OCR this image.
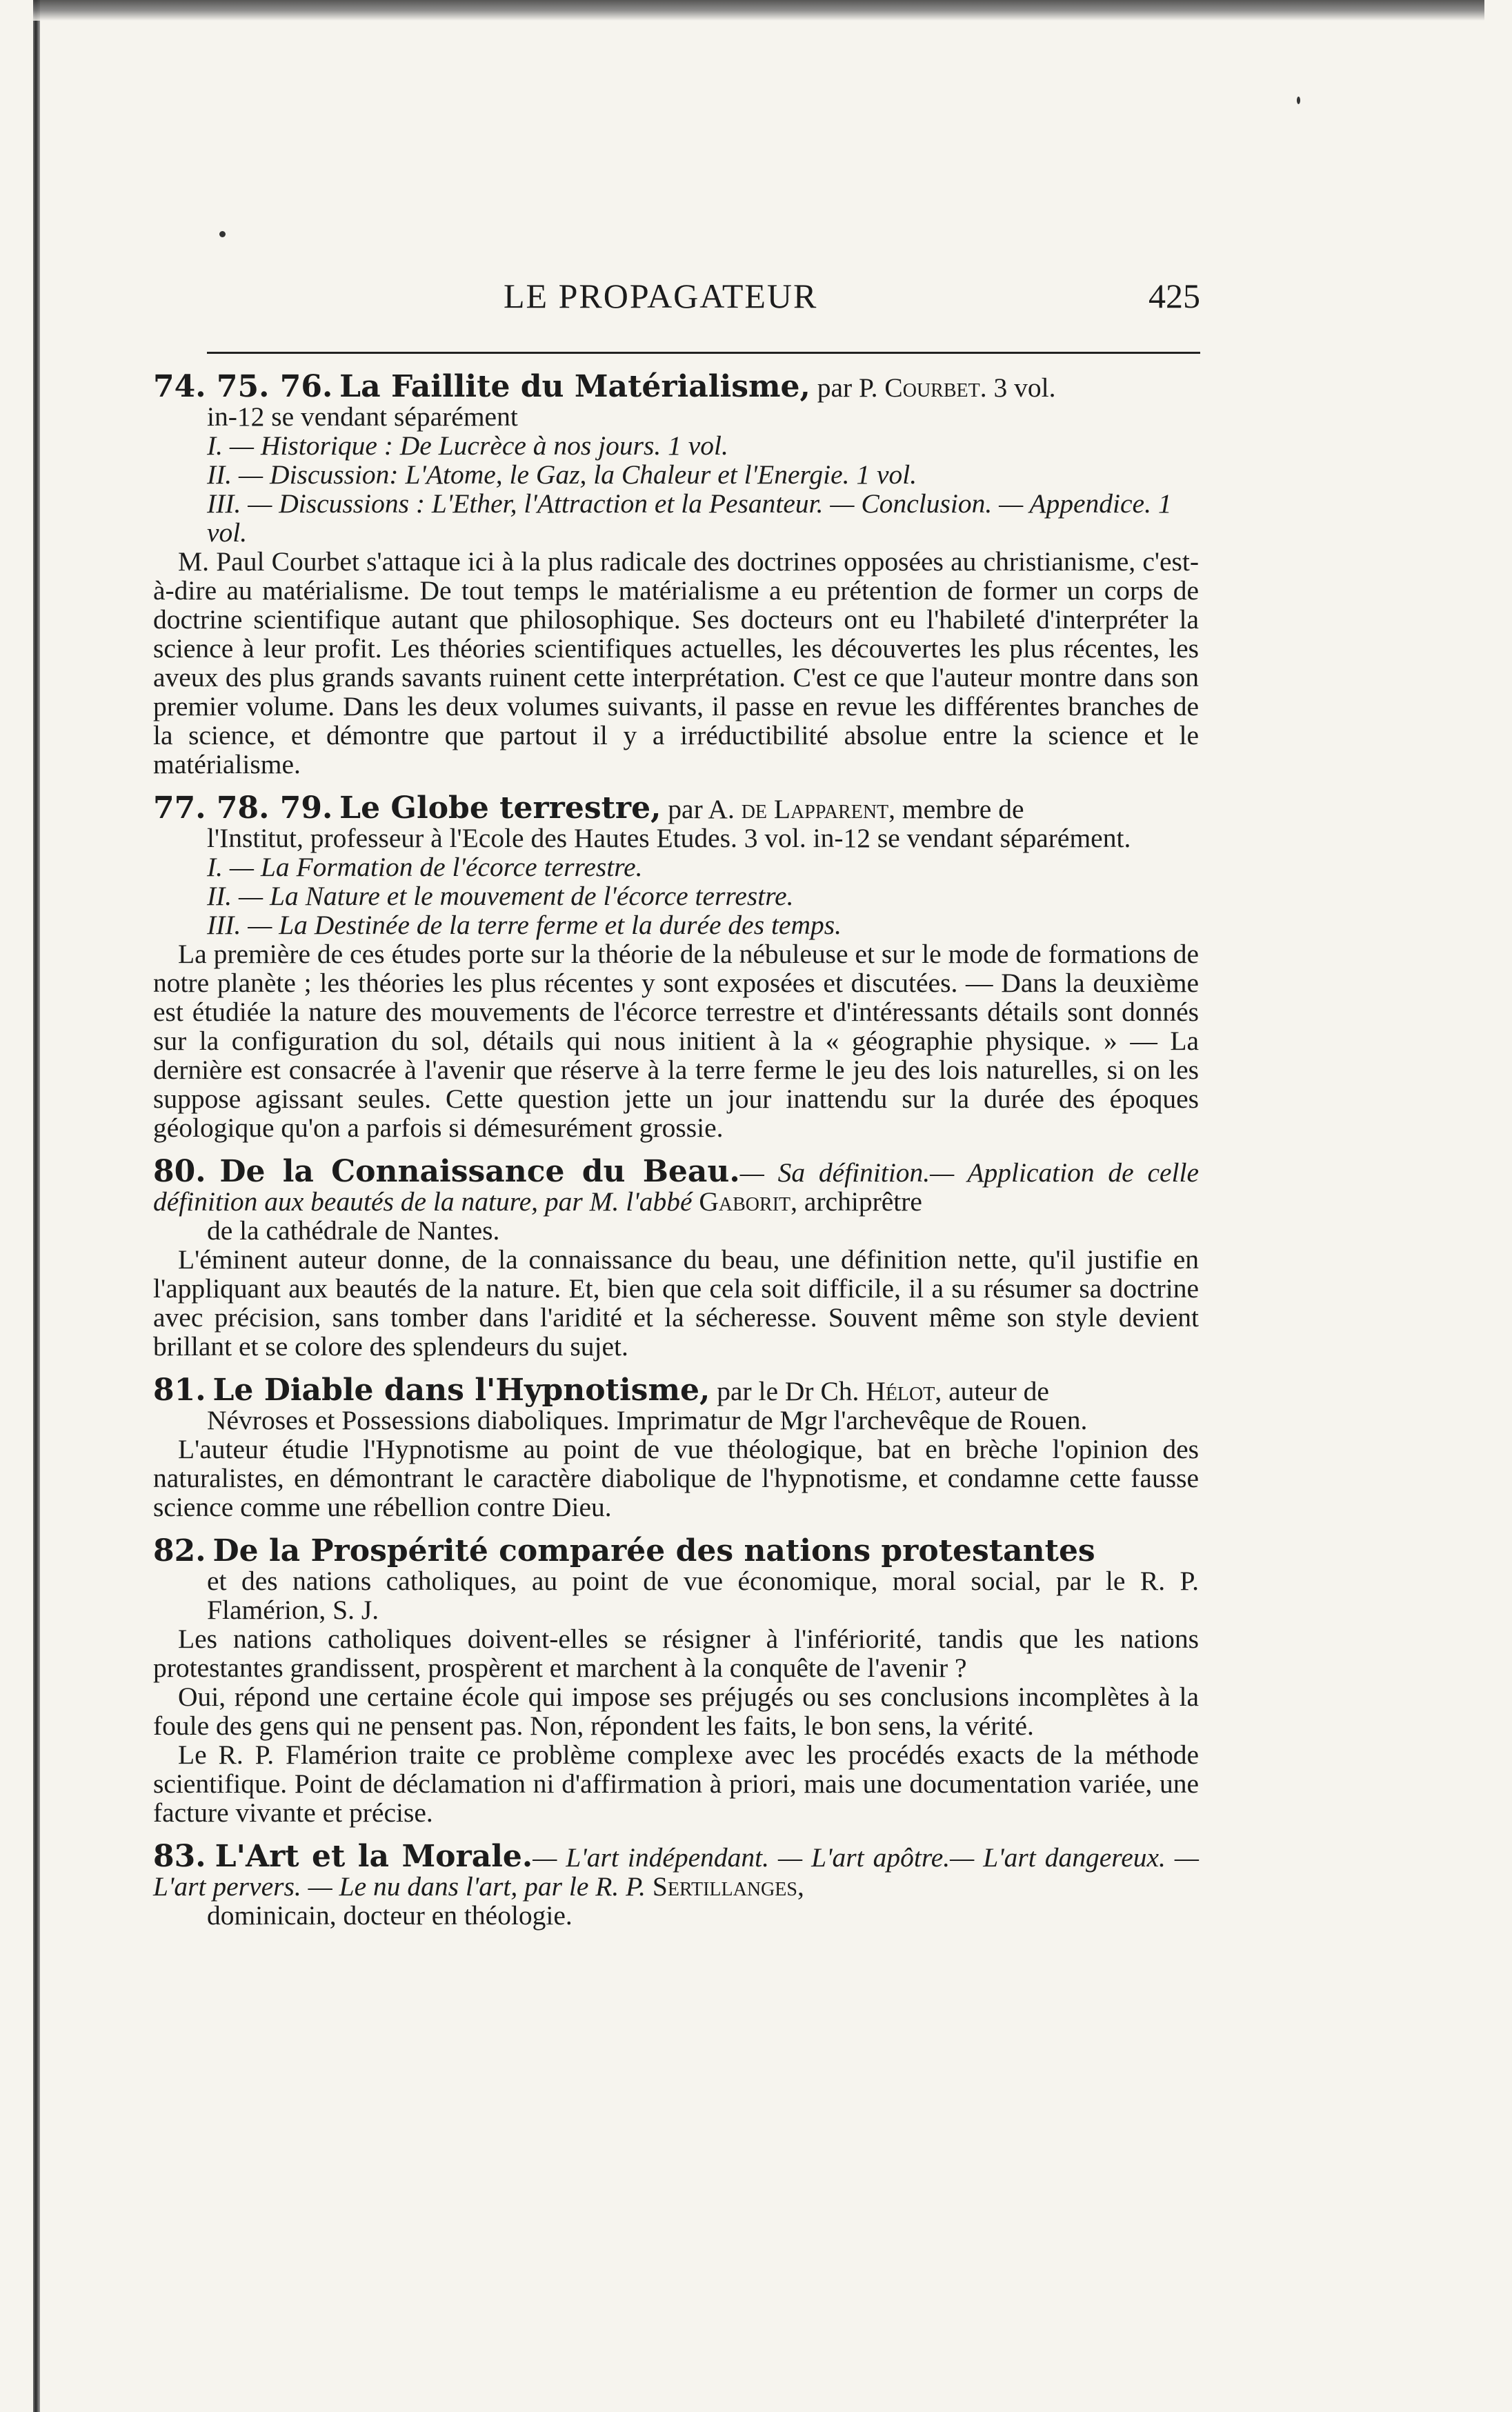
LE PROPAGATEUR	425

74. 75. 76. La Faillite du Matérialisme, par P. Courbet. 3 vol.

in-12 se vendant séparément

I. — Historique : De Lucrèce à nos jours. 1 vol.

II. — Discussion: L'Atome, le Gaz, la Chaleur et l'Energie. 1 vol.

III. — Discussions : L'Ether, l'Attraction et la Pesanteur. — Conclusion. — Appendice. 1 vol.

M. Paul Courbet s'attaque ici à la plus radicale des doctrines opposées au christianisme, c'est-à-dire au matérialisme. De tout temps le matérialisme a eu prétention de former un corps de doctrine scientifique autant que philosophique. Ses docteurs ont eu l'habileté d'interpréter la science à leur profit. Les théories scientifiques actuelles, les découvertes les plus récentes, les aveux des plus grands savants ruinent cette interprétation. C'est ce que l'auteur montre dans son premier volume. Dans les deux volumes suivants, il passe en revue les différentes branches de la science, et démontre que partout il y a irréductibilité absolue entre la science et le matérialisme.

77. 78. 79. Le Globe terrestre, par A. de Lapparent, membre de

l'Institut, professeur à l'Ecole des Hautes Etudes. 3 vol. in-12 se vendant séparément.

I. — La Formation de l'écorce terrestre.

II. — La Nature et le mouvement de l'écorce terrestre.

III. — La Destinée de la terre ferme et la durée des temps.

La première de ces études porte sur la théorie de la nébuleuse et sur le mode de formations de notre planète ; les théories les plus récentes y sont exposées et discutées. — Dans la deuxième est étudiée la nature des mouvements de l'écorce terrestre et d'intéressants détails sont donnés sur la configuration du sol, détails qui nous initient à la « géographie physique. » — La dernière est consacrée à l'avenir que réserve à la terre ferme le jeu des lois naturelles, si on les suppose agissant seules. Cette question jette un jour inattendu sur la durée des époques géologique qu'on a parfois si démesurément grossie.

80. De la Connaissance du Beau.— Sa définition.— Application de celle définition aux beautés de la nature, par M. l'abbé Gaborit, archiprêtre

de la cathédrale de Nantes.

L'éminent auteur donne, de la connaissance du beau, une définition nette, qu'il justifie en l'appliquant aux beautés de la nature. Et, bien que cela soit difficile, il a su résumer sa doctrine avec précision, sans tomber dans l'aridité et la sécheresse. Souvent même son style devient brillant et se colore des splendeurs du sujet.

81. Le Diable dans l'Hypnotisme, par le Dr Ch. Hélot, auteur de

Névroses et Possessions diaboliques. Imprimatur de Mgr l'archevêque de Rouen.

L'auteur étudie l'Hypnotisme au point de vue théologique, bat en brèche l'opinion des naturalistes, en démontrant le caractère diabolique de l'hypnotisme, et condamne cette fausse science comme une rébellion contre Dieu.

82. De la Prospérité comparée des nations protestantes

et des nations catholiques, au point de vue économique, moral social, par le R. P. Flamérion, S. J.

Les nations catholiques doivent-elles se résigner à l'infériorité, tandis que les nations protestantes grandissent, prospèrent et marchent à la conquête de l'avenir ?

Oui, répond une certaine école qui impose ses préjugés ou ses conclusions incomplètes à la foule des gens qui ne pensent pas. Non, répondent les faits, le bon sens, la vérité.

Le R. P. Flamérion traite ce problème complexe avec les procédés exacts de la méthode scientifique. Point de déclamation ni d'affirmation à priori, mais une documentation variée, une facture vivante et précise.

83. L'Art et la Morale.— L'art indépendant. — L'art apôtre.— L'art dangereux. — L'art pervers. — Le nu dans l'art, par le R. P. Sertillanges,

dominicain, docteur en théologie.
